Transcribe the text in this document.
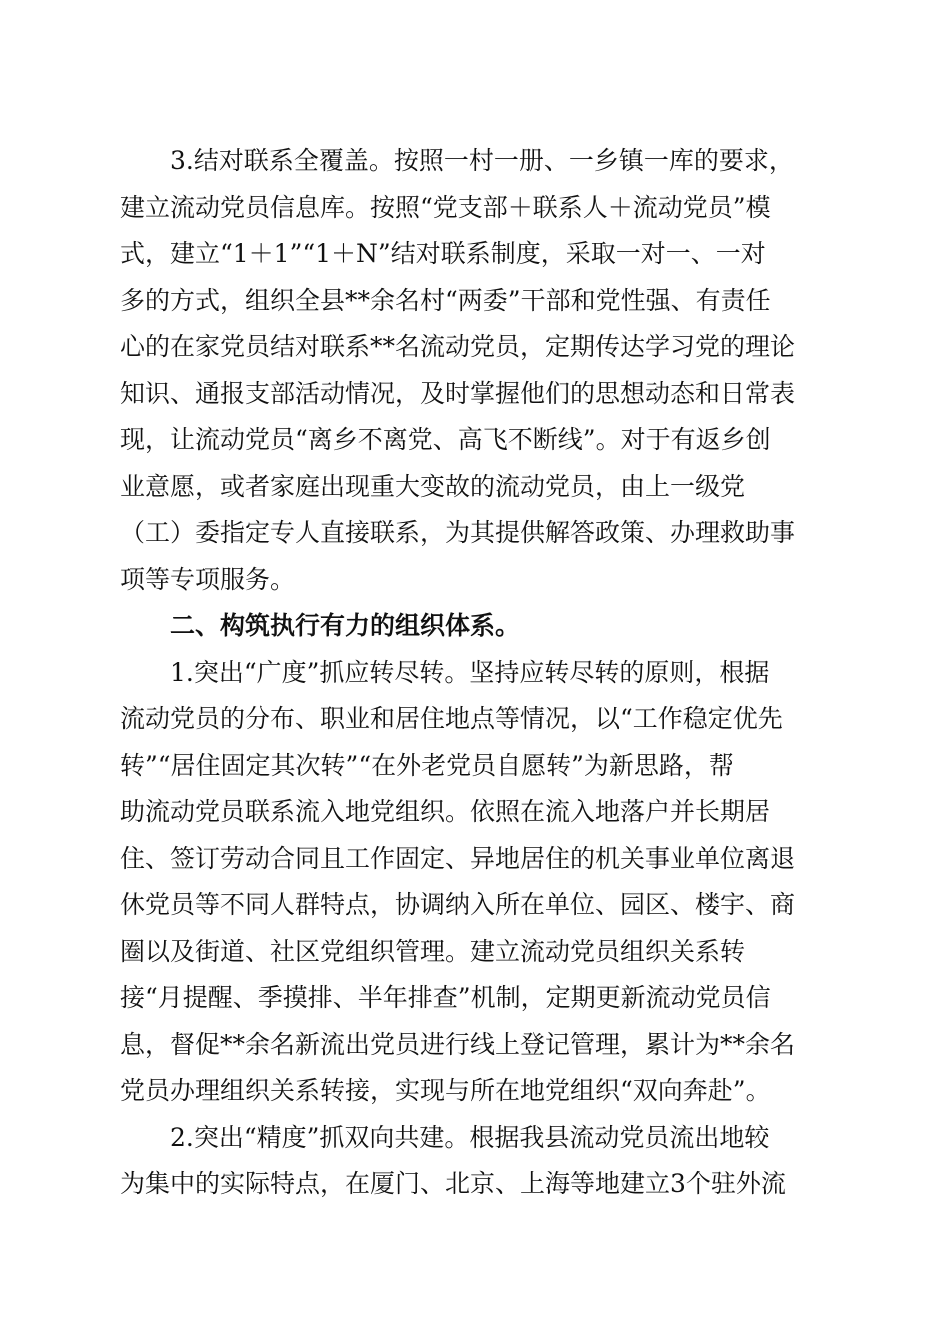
3.结对联系全覆盖。按照一村一册、一乡镇一库的要求，
建立流动党员信息库。按照“党支部＋联系人＋流动党员”模
式，建立“1＋1”“1＋N”结对联系制度，采取一对一、一对
多的方式，组织全县**余名村“两委”干部和党性强、有责任
心的在家党员结对联系**名流动党员，定期传达学习党的理论
知识、通报支部活动情况，及时掌握他们的思想动态和日常表
现，让流动党员“离乡不离党、高飞不断线”。对于有返乡创
业意愿，或者家庭出现重大变故的流动党员，由上一级党
（工）委指定专人直接联系，为其提供解答政策、办理救助事
项等专项服务。
二、构筑执行有力的组织体系。
1.突出“广度”抓应转尽转。坚持应转尽转的原则，根据
流动党员的分布、职业和居住地点等情况，以“工作稳定优先
转”“居住固定其次转”“在外老党员自愿转”为新思路，帮
助流动党员联系流入地党组织。依照在流入地落户并长期居
住、签订劳动合同且工作固定、异地居住的机关事业单位离退
休党员等不同人群特点，协调纳入所在单位、园区、楼宇、商
圈以及街道、社区党组织管理。建立流动党员组织关系转
接“月提醒、季摸排、半年排查”机制，定期更新流动党员信
息，督促**余名新流出党员进行线上登记管理，累计为**余名
党员办理组织关系转接，实现与所在地党组织“双向奔赴”。
2.突出“精度”抓双向共建。根据我县流动党员流出地较
为集中的实际特点，在厦门、北京、上海等地建立3个驻外流
